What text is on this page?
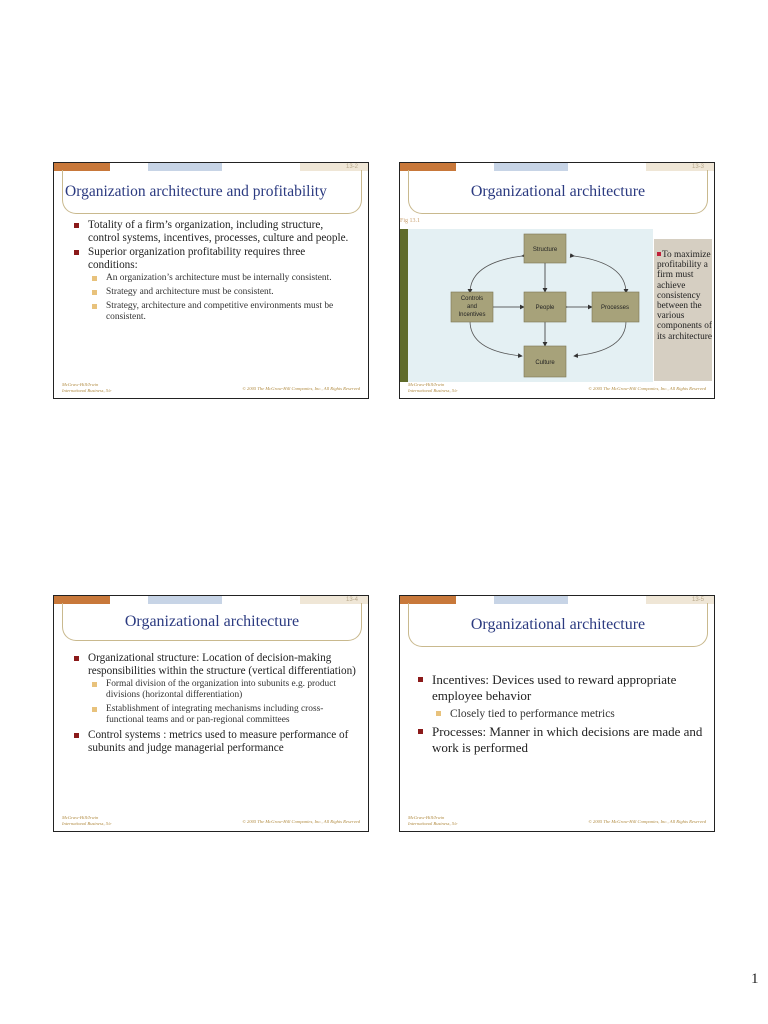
13-2
Organization architecture and profitability
Totality of a firm’s organization, including structure, control systems, incentives, processes, culture and people.
Superior organization profitability requires three conditions:
An organization’s architecture must be internally consistent.
Strategy and architecture must be consistent.
Strategy, architecture and competitive environments must be consistent.
McGraw-Hill/Irwin
International Business, 5/e	© 2005 The McGraw-Hill Companies, Inc., All Rights Reserved
13-3
Organizational architecture
Fig 13.1
Structure
Controls
and
Incentives
People	Processes
Culture
To maximize profitability a firm must achieve consistency between the various components of its architecture
McGraw-Hill/Irwin
International Business, 5/e	© 2005 The McGraw-Hill Companies, Inc., All Rights Reserved
13-4
Organizational architecture
Organizational structure: Location of decision-making responsibilities within the structure (vertical differentiation)
Formal division of the organization into subunits e.g. product divisions (horizontal differentiation)
Establishment of integrating mechanisms including cross-functional teams and or pan-regional committees
Control systems : metrics used to measure performance of subunits and judge managerial performance
McGraw-Hill/Irwin
International Business, 5/e	© 2005 The McGraw-Hill Companies, Inc., All Rights Reserved
13-5
Organizational architecture
Incentives: Devices used to reward appropriate employee behavior
Closely tied to performance metrics
Processes: Manner in which decisions are made and work is performed
McGraw-Hill/Irwin
International Business, 5/e	© 2005 The McGraw-Hill Companies, Inc., All Rights Reserved
1
